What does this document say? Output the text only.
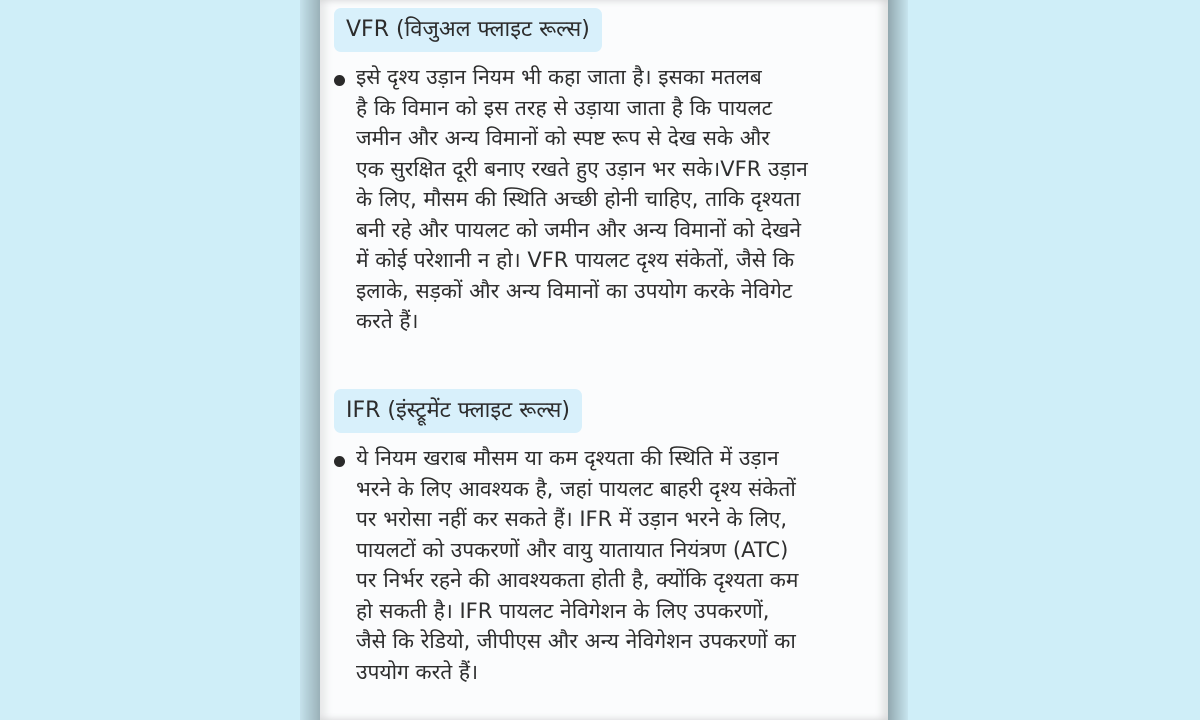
VFR (विजुअल फ्लाइट रूल्स)
इसे दृश्य उड़ान नियम भी कहा जाता है। इसका मतलब
है कि विमान को इस तरह से उड़ाया जाता है कि पायलट
जमीन और अन्य विमानों को स्पष्ट रूप से देख सके और
एक सुरक्षित दूरी बनाए रखते हुए उड़ान भर सके।VFR उड़ान
के लिए, मौसम की स्थिति अच्छी होनी चाहिए, ताकि दृश्यता
बनी रहे और पायलट को जमीन और अन्य विमानों को देखने
में कोई परेशानी न हो। VFR पायलट दृश्य संकेतों, जैसे कि
इलाके, सड़कों और अन्य विमानों का उपयोग करके नेविगेट
करते हैं।
IFR (इंस्ट्रूमेंट फ्लाइट रूल्स)
ये नियम खराब मौसम या कम दृश्यता की स्थिति में उड़ान
भरने के लिए आवश्यक है, जहां पायलट बाहरी दृश्य संकेतों
पर भरोसा नहीं कर सकते हैं। IFR में उड़ान भरने के लिए,
पायलटों को उपकरणों और वायु यातायात नियंत्रण (ATC)
पर निर्भर रहने की आवश्यकता होती है, क्योंकि दृश्यता कम
हो सकती है। IFR पायलट नेविगेशन के लिए उपकरणों,
जैसे कि रेडियो, जीपीएस और अन्य नेविगेशन उपकरणों का
उपयोग करते हैं।
